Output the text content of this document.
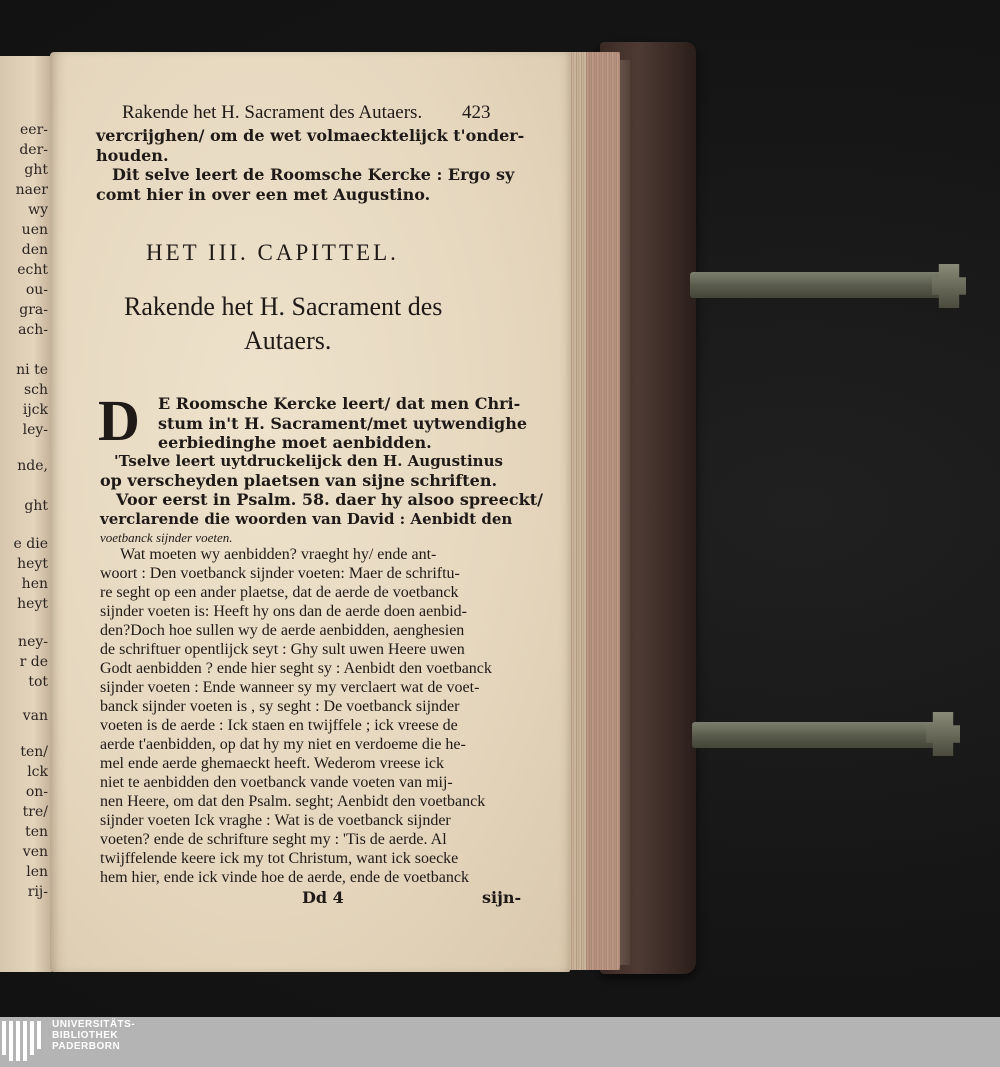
eer-
der-
ght
naer
wy
uen
den
echt
ou-
gra-
ach-
ni te
sch
ijck
ley-
nde,
ght
e die
heyt
hen
heyt
ney-
r de
tot
van
ten/
lck
on-
tre/
ten
ven
len
rij-
Rakende het H. Sacrament des Autaers. 423
vercrijghen/ om de wet volmaecktelijck t'onder-
houden.
Dit selve leert de Roomsche Kercke : Ergo sy
comt hier in over een met Augustino.
HET III. CAPITTEL.
Rakende het H. Sacrament des
Autaers.
D E Roomsche Kercke leert/ dat men Chri-
stum in't H. Sacrament/met uytwendighe
eerbiedinghe moet aenbidden.
'Tselve leert uytdruckelijck den H. Augustinus
op verscheyden plaetsen van sijne schriften.
Voor eerst in Psalm. 58. daer hy alsoo spreeckt/
verclarende die woorden van David : Aenbidt den
voetbanck sijnder voeten.
Wat moeten wy aenbidden? vraeght hy/ ende ant-
woort : Den voetbanck sijnder voeten: Maer de schriftu-
re seght op een ander plaetse, dat de aerde de voetbanck
sijnder voeten is: Heeft hy ons dan de aerde doen aenbid-
den?Doch hoe sullen wy de aerde aenbidden, aenghesien
de schriftuer opentlijck seyt : Ghy sult uwen Heere uwen
Godt aenbidden ? ende hier seght sy : Aenbidt den voetbanck
sijnder voeten : Ende wanneer sy my verclaert wat de voet-
banck sijnder voeten is , sy seght : De voetbanck sijnder
voeten is de aerde : Ick staen en twijffele ; ick vreese de
aerde t'aenbidden, op dat hy my niet en verdoeme die he-
mel ende aerde ghemaeckt heeft. Wederom vreese ick
niet te aenbidden den voetbanck vande voeten van mij-
nen Heere, om dat den Psalm. seght; Aenbidt den voetbanck
sijnder voeten Ick vraghe : Wat is de voetbanck sijnder
voeten? ende de schrifture seght my : 'Tis de aerde. Al
twijffelende keere ick my tot Christum, want ick soecke
hem hier, ende ick vinde hoe de aerde, ende de voetbanck
Dd 4	sijn-
UNIVERSITÄTS-
BIBLIOTHEK
PADERBORN
